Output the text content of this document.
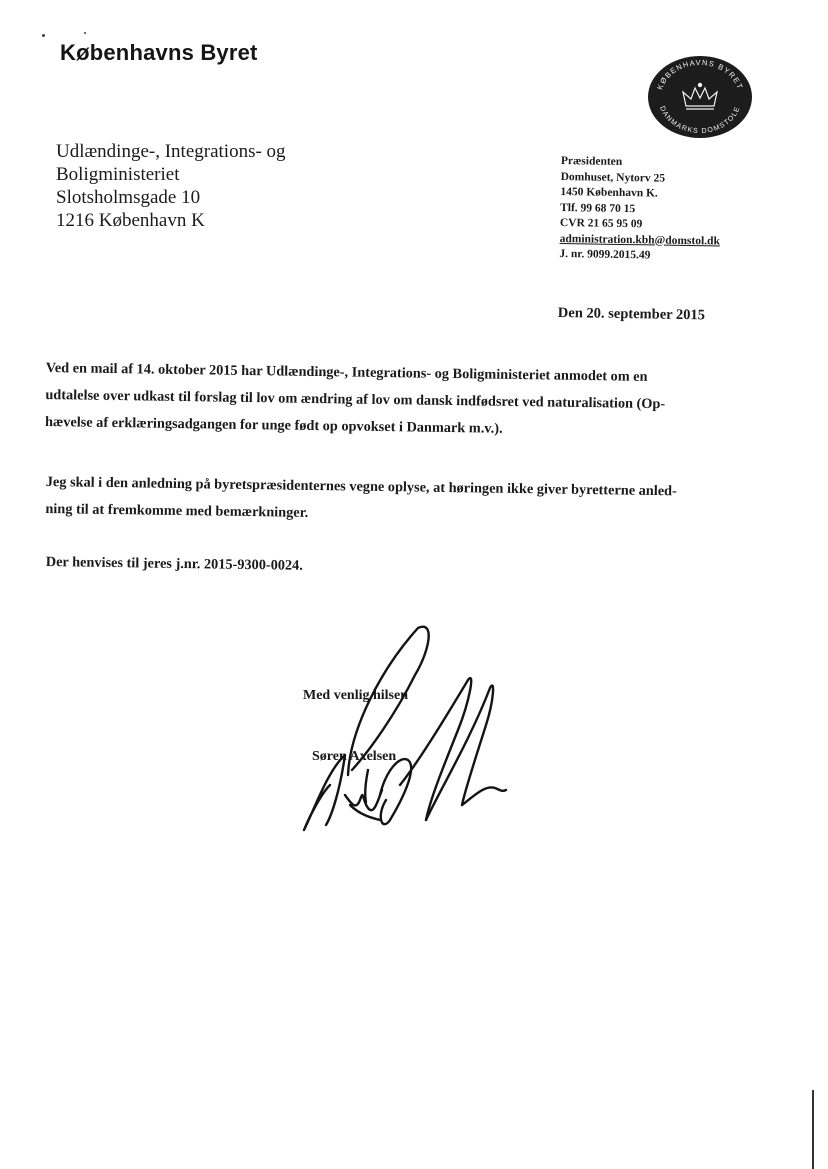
Københavns Byret
KØBENHAVNS BYRET
DANMARKS DOMSTOLE
Udlændinge-, Integrations- og
Boligministeriet
Slotsholmsgade 10
1216 København K
Præsidenten
Domhuset, Nytorv 25
1450 København K.
Tlf. 99 68 70 15
CVR 21 65 95 09
administration.kbh@domstol.dk
J. nr. 9099.2015.49
Den 20. september 2015
Ved en mail af 14. oktober 2015 har Udlændinge-, Integrations- og Boligministeriet anmodet om en
udtalelse over udkast til forslag til lov om ændring af lov om dansk indfødsret ved naturalisation (Op-
hævelse af erklæringsadgangen for unge født op opvokset i Danmark m.v.).
Jeg skal i den anledning på byretspræsidenternes vegne oplyse, at høringen ikke giver byretterne anled-
ning til at fremkomme med bemærkninger.
Der henvises til jeres j.nr. 2015-9300-0024.
Med venlig hilsen
Søren Axelsen
